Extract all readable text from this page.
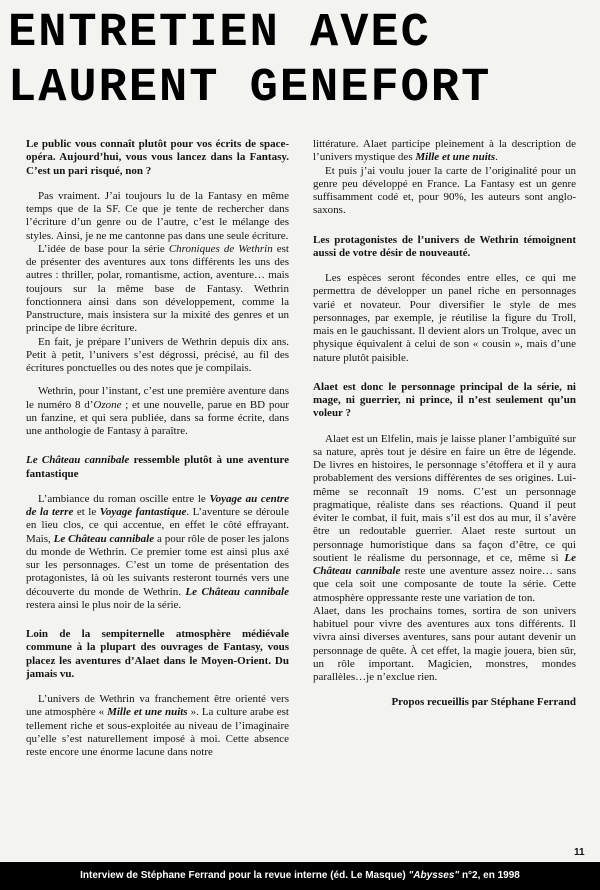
ENTRETIEN AVEC
LAURENT GENEFORT

Le public vous connaît plutôt pour vos écrits de space-opéra. Aujourd’hui, vous vous lancez dans la Fantasy. C’est un pari risqué, non ?

Pas vraiment. J’ai toujours lu de la Fantasy en même temps que de la SF. Ce que je tente de rechercher dans l’écriture d’un genre ou de l’autre, c’est le mélange des styles. Ainsi, je ne me cantonne pas dans une seule écriture.

L’idée de base pour la série Chroniques de Wethrin est de présenter des aventures aux tons différents les uns des autres : thriller, polar, romantisme, action, aventure… mais toujours sur la même base de Fantasy. Wethrin fonctionnera ainsi dans son développement, comme la Panstructure, mais insistera sur la mixité des genres et un principe de libre écriture.

En fait, je prépare l’univers de Wethrin depuis dix ans. Petit à petit, l’univers s’est dégrossi, précisé, au fil des écritures ponctuelles ou des notes que je compilais.

Wethrin, pour l’instant, c’est une première aventure dans le numéro 8 d’Ozone ; et une nouvelle, parue en BD pour un fanzine, et qui sera publiée, dans sa forme écrite, dans une anthologie de Fantasy à paraître.

Le Château cannibale ressemble plutôt à une aventure fantastique

L’ambiance du roman oscille entre le Voyage au centre de la terre et le Voyage fantastique. L’aventure se déroule en lieu clos, ce qui accentue, en effet le côté effrayant. Mais, Le Château cannibale a pour rôle de poser les jalons du monde de Wethrin. Ce premier tome est ainsi plus axé sur les personnages. C’est un tome de présentation des protagonistes, là où les suivants resteront tournés vers une découverte du monde de Wethrin. Le Château cannibale restera ainsi le plus noir de la série.

Loin de la sempiternelle atmosphère médiévale commune à la plupart des ouvrages de Fantasy, vous placez les aventures d’Alaet dans le Moyen-Orient. Du jamais vu.

L’univers de Wethrin va franchement être orienté vers une atmosphère « Mille et une nuits ». La culture arabe est tellement riche et sous-exploitée au niveau de l’imaginaire qu’elle s’est naturellement imposé à moi. Cette absence reste encore une énorme lacune dans notre

littérature. Alaet participe pleinement à la description de l’univers mystique des Mille et une nuits.

Et puis j’ai voulu jouer la carte de l’originalité pour un genre peu développé en France. La Fantasy est un genre suffisamment codé et, pour 90%, les auteurs sont anglo-saxons.

Les protagonistes de l’univers de Wethrin témoignent aussi de votre désir de nouveauté.

Les espèces seront fécondes entre elles, ce qui me permettra de développer un panel riche en personnages varié et novateur. Pour diversifier le style de mes personnages, par exemple, je réutilise la figure du Troll, mais en le gauchissant. Il devient alors un Trolque, avec un physique équivalent à celui de son « cousin », mais d’une nature plutôt paisible.

Alaet est donc le personnage principal de la série, ni mage, ni guerrier, ni prince, il n’est seulement qu’un voleur ?

Alaet est un Elfelin, mais je laisse planer l’ambiguïté sur sa nature, après tout je désire en faire un être de légende. De livres en histoires, le personnage s’étoffera et il y aura probablement des versions différentes de ses origines. Lui-même se reconnaît 19 noms. C’est un personnage pragmatique, réaliste dans ses réactions. Quand il peut éviter le combat, il fuit, mais s’il est dos au mur, il s’avère être un redoutable guerrier. Alaet reste surtout un personnage humoristique dans sa façon d’être, ce qui soutient le réalisme du personnage, et ce, même si Le Château cannibale reste une aventure assez noire… sans que cela soit une composante de toute la série. Cette atmosphère oppressante reste une variation de ton.

Alaet, dans les prochains tomes, sortira de son univers habituel pour vivre des aventures aux tons différents. Il vivra ainsi diverses aventures, sans pour autant devenir un personnage de quête. À cet effet, la magie jouera, bien sûr, un rôle important. Magicien, monstres, mondes parallèles…je n’exclue rien.

Propos recueillis par Stéphane Ferrand

11
Interview de Stéphane Ferrand pour la revue interne (éd. Le Masque) "Abysses" n°2, en 1998
